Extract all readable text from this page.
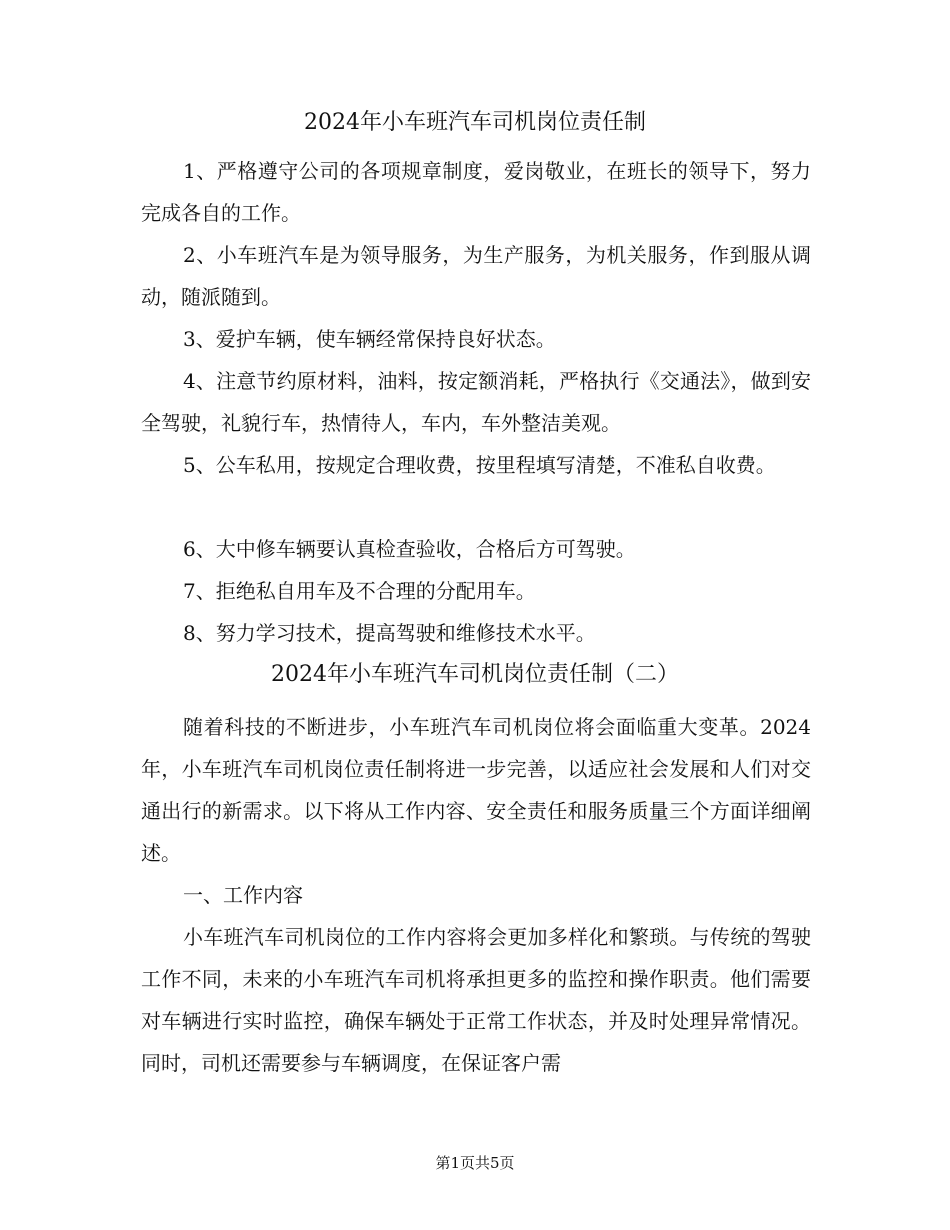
2024年小车班汽车司机岗位责任制

1、严格遵守公司的各项规章制度，爱岗敬业，在班长的领导下，努力完成各自的工作。

2、小车班汽车是为领导服务，为生产服务，为机关服务，作到服从调动，随派随到。

3、爱护车辆，使车辆经常保持良好状态。

4、注意节约原材料，油料，按定额消耗，严格执行《交通法》，做到安全驾驶，礼貌行车，热情待人，车内，车外整洁美观。

5、公车私用，按规定合理收费，按里程填写清楚，不准私自收费。

6、大中修车辆要认真检查验收，合格后方可驾驶。

7、拒绝私自用车及不合理的分配用车。

8、努力学习技术，提高驾驶和维修技术水平。

2024年小车班汽车司机岗位责任制（二）

随着科技的不断进步，小车班汽车司机岗位将会面临重大变革。2024年，小车班汽车司机岗位责任制将进一步完善，以适应社会发展和人们对交通出行的新需求。以下将从工作内容、安全责任和服务质量三个方面详细阐述。

一、工作内容

小车班汽车司机岗位的工作内容将会更加多样化和繁琐。与传统的驾驶工作不同，未来的小车班汽车司机将承担更多的监控和操作职责。他们需要对车辆进行实时监控，确保车辆处于正常工作状态，并及时处理异常情况。同时，司机还需要参与车辆调度，在保证客户需

第1页共5页
